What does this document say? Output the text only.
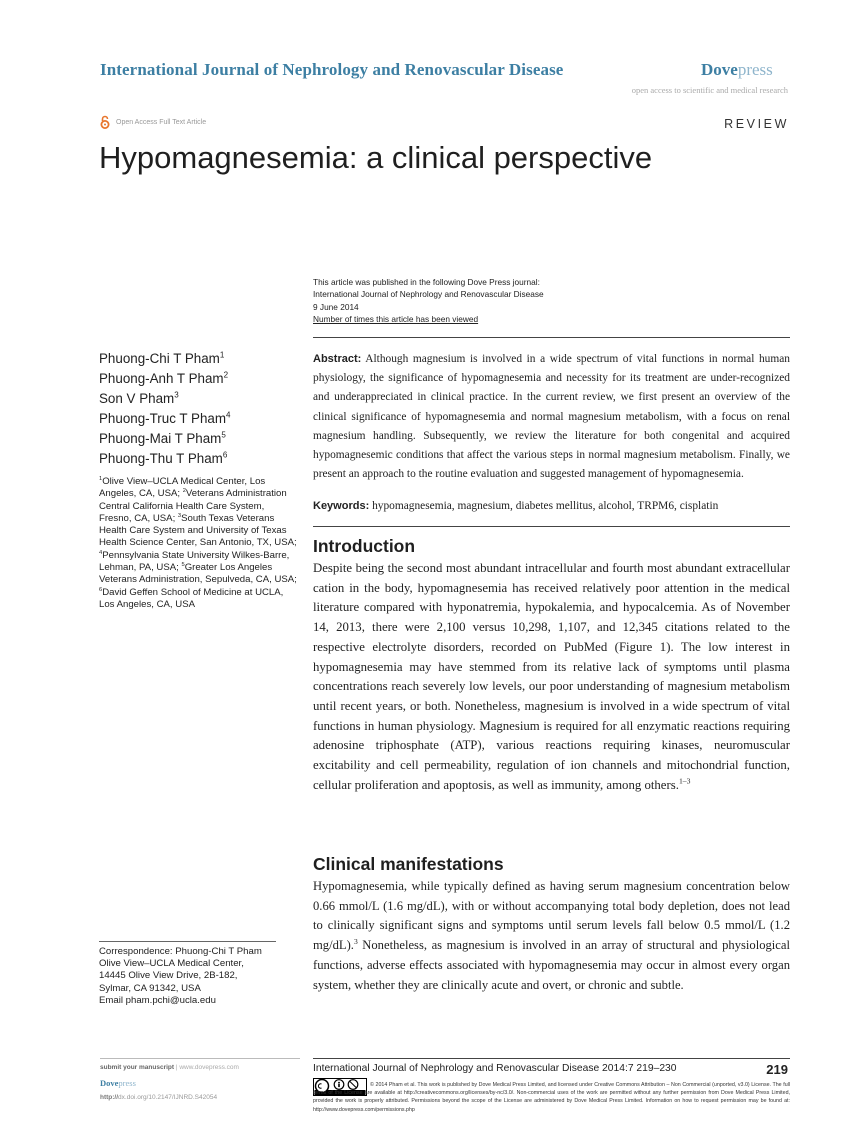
International Journal of Nephrology and Renovascular Disease	Dovepress
open access to scientific and medical research
Open Access Full Text Article	REVIEW
Hypomagnesemia: a clinical perspective
This article was published in the following Dove Press journal:
International Journal of Nephrology and Renovascular Disease
9 June 2014
Number of times this article has been viewed
Phuong-Chi T Pham$^1$
Phuong-Anh T Pham$^2$
Son V Pham$^3$
Phuong-Truc T Pham$^4$
Phuong-Mai T Pham$^5$
Phuong-Thu T Pham$^6$
$^1$Olive View–UCLA Medical Center, Los Angeles, CA, USA; $^2$Veterans Administration Central California Health Care System, Fresno, CA, USA; $^3$South Texas Veterans Health Care System and University of Texas Health Science Center, San Antonio, TX, USA; $^4$Pennsylvania State University Wilkes-Barre, Lehman, PA, USA; $^5$Greater Los Angeles Veterans Administration, Sepulveda, CA, USA; $^6$David Geffen School of Medicine at UCLA, Los Angeles, CA, USA
Correspondence: Phuong-Chi T Pham
Olive View–UCLA Medical Center,
14445 Olive View Drive, 2B-182,
Sylmar, CA 91342, USA
Email pham.pchi@ucla.edu
Abstract: Although magnesium is involved in a wide spectrum of vital functions in normal human physiology, the significance of hypomagnesemia and necessity for its treatment are under-recognized and underappreciated in clinical practice. In the current review, we first present an overview of the clinical significance of hypomagnesemia and normal magnesium metabolism, with a focus on renal magnesium handling. Subsequently, we review the literature for both congenital and acquired hypomagnesemic conditions that affect the various steps in normal magnesium metabolism. Finally, we present an approach to the routine evaluation and suggested management of hypomagnesemia.
Keywords: hypomagnesemia, magnesium, diabetes mellitus, alcohol, TRPM6, cisplatin
Introduction
Despite being the second most abundant intracellular and fourth most abundant extracellular cation in the body, hypomagnesemia has received relatively poor attention in the medical literature compared with hyponatremia, hypokalemia, and hypocalcemia. As of November 14, 2013, there were 2,100 versus 10,298, 1,107, and 12,345 citations related to the respective electrolyte disorders, recorded on PubMed (Figure 1). The low interest in hypomagnesemia may have stemmed from its relative lack of symptoms until plasma concentrations reach severely low levels, our poor understanding of magnesium metabolism until recent years, or both. Nonetheless, magnesium is involved in a wide spectrum of vital functions in human physiology. Magnesium is required for all enzymatic reactions requiring adenosine triphosphate (ATP), various reactions requiring kinases, neuromuscular excitability and cell permeability, regulation of ion channels and mitochondrial function, cellular proliferation and apoptosis, as well as immunity, among others.$^{1-3}$
Clinical manifestations
Hypomagnesemia, while typically defined as having serum magnesium concentration below 0.66 mmol/L (1.6 mg/dL), with or without accompanying total body depletion, does not lead to clinically significant signs and symptoms until serum levels fall below 0.5 mmol/L (1.2 mg/dL).$^3$ Nonetheless, as magnesium is involved in an array of structural and physiological functions, adverse effects associated with hypomagnesemia may occur in almost every organ system, whether they are clinically acute and overt, or chronic and subtle.
submit your manuscript | www.dovepress.com
Dovepress
http://dx.doi.org/10.2147/IJNRD.S42054
International Journal of Nephrology and Renovascular Disease 2014:7 219–230	219
© 2014 Pham et al. This work is published by Dove Medical Press Limited, and licensed under Creative Commons Attribution – Non Commercial (unported, v3.0) License. The full terms of the License are available at http://creativecommons.org/licenses/by-nc/3.0/. Non-commercial uses of the work are permitted without any further permission from Dove Medical Press Limited, provided the work is properly attributed. Permissions beyond the scope of the License are administered by Dove Medical Press Limited. Information on how to request permission may be found at: http://www.dovepress.com/permissions.php
